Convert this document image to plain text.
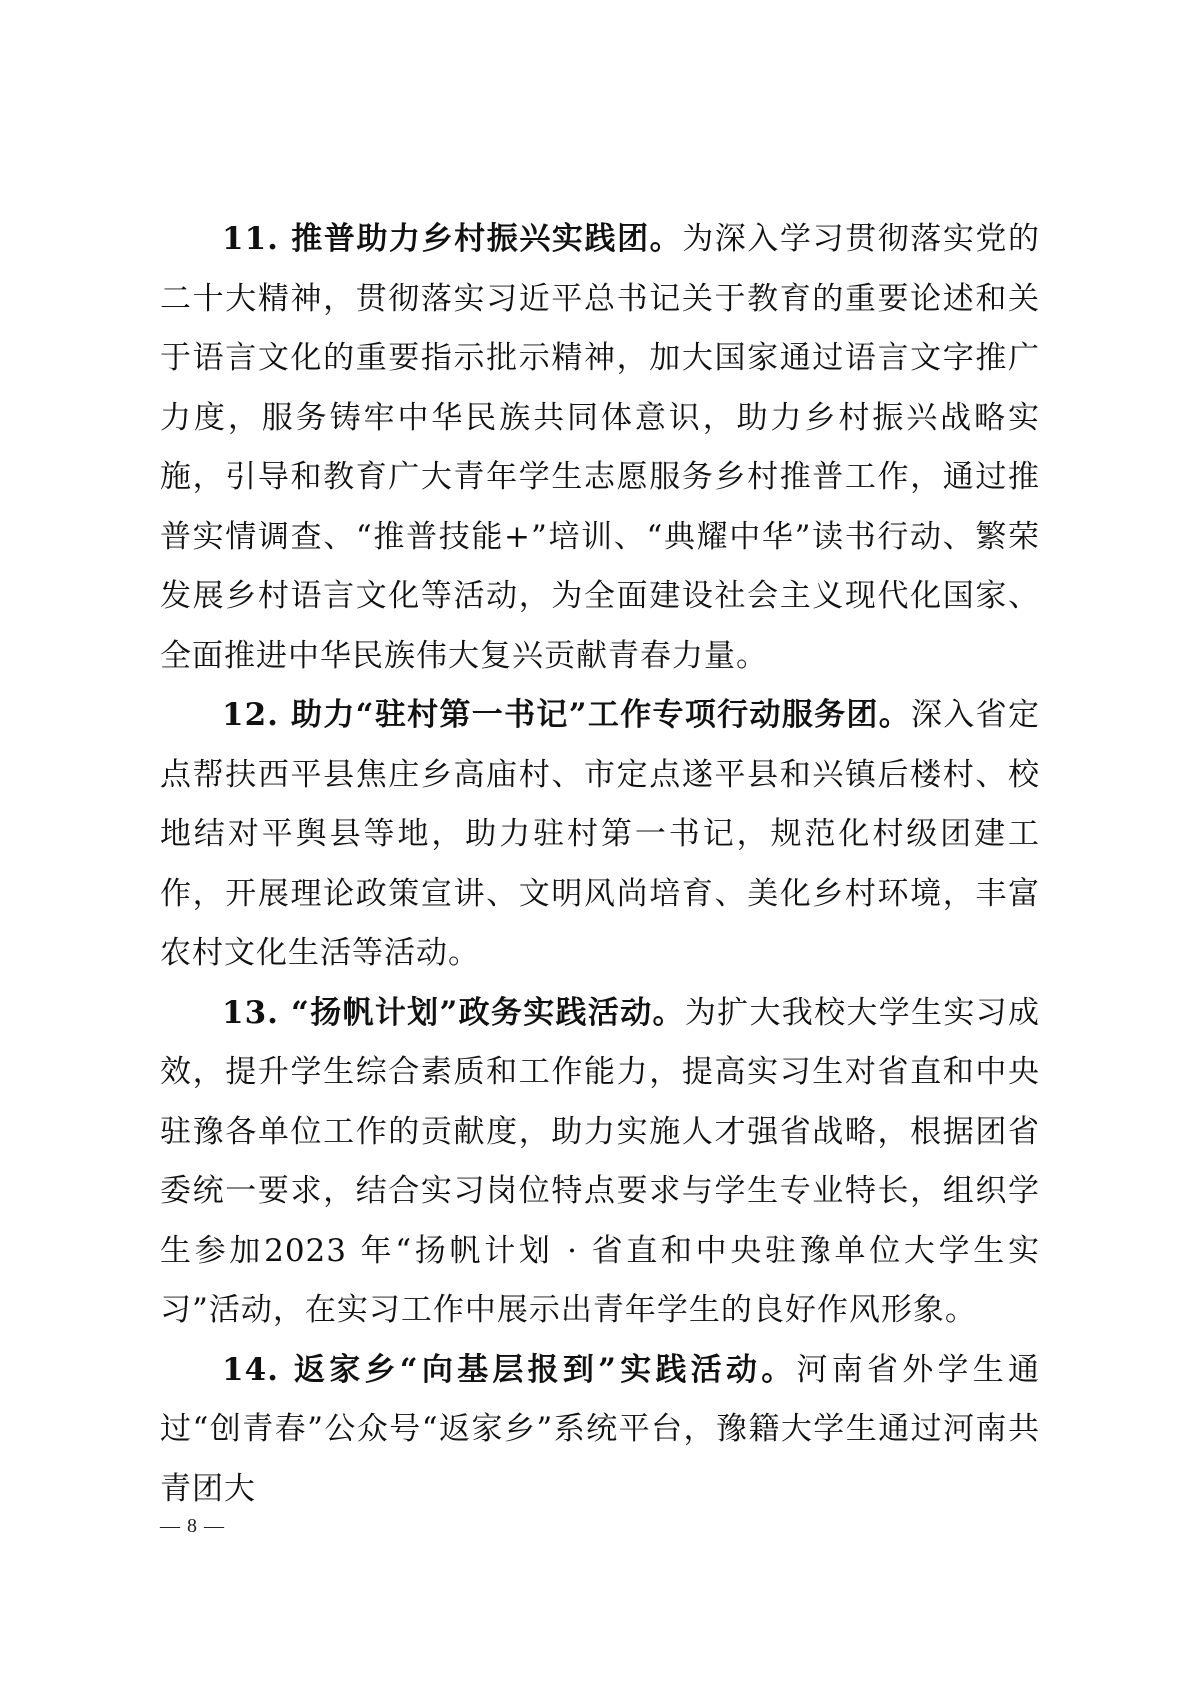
11. 推普助力乡村振兴实践团。为深入学习贯彻落实党的二十大精神，贯彻落实习近平总书记关于教育的重要论述和关于语言文化的重要指示批示精神，加大国家通过语言文字推广力度，服务铸牢中华民族共同体意识，助力乡村振兴战略实施，引导和教育广大青年学生志愿服务乡村推普工作，通过推普实情调查、“推普技能+”培训、“典耀中华”读书行动、繁荣发展乡村语言文化等活动，为全面建设社会主义现代化国家、全面推进中华民族伟大复兴贡献青春力量。

12. 助力“驻村第一书记”工作专项行动服务团。深入省定点帮扶西平县焦庄乡高庙村、市定点遂平县和兴镇后楼村、校地结对平舆县等地，助力驻村第一书记，规范化村级团建工作，开展理论政策宣讲、文明风尚培育、美化乡村环境，丰富农村文化生活等活动。

13. “扬帆计划”政务实践活动。为扩大我校大学生实习成效，提升学生综合素质和工作能力，提高实习生对省直和中央驻豫各单位工作的贡献度，助力实施人才强省战略，根据团省委统一要求，结合实习岗位特点要求与学生专业特长，组织学生参加2023 年“扬帆计划 · 省直和中央驻豫单位大学生实习”活动，在实习工作中展示出青年学生的良好作风形象。

14. 返家乡“向基层报到”实践活动。河南省外学生通过“创青春”公众号“返家乡”系统平台，豫籍大学生通过河南共青团大

— 8 —
